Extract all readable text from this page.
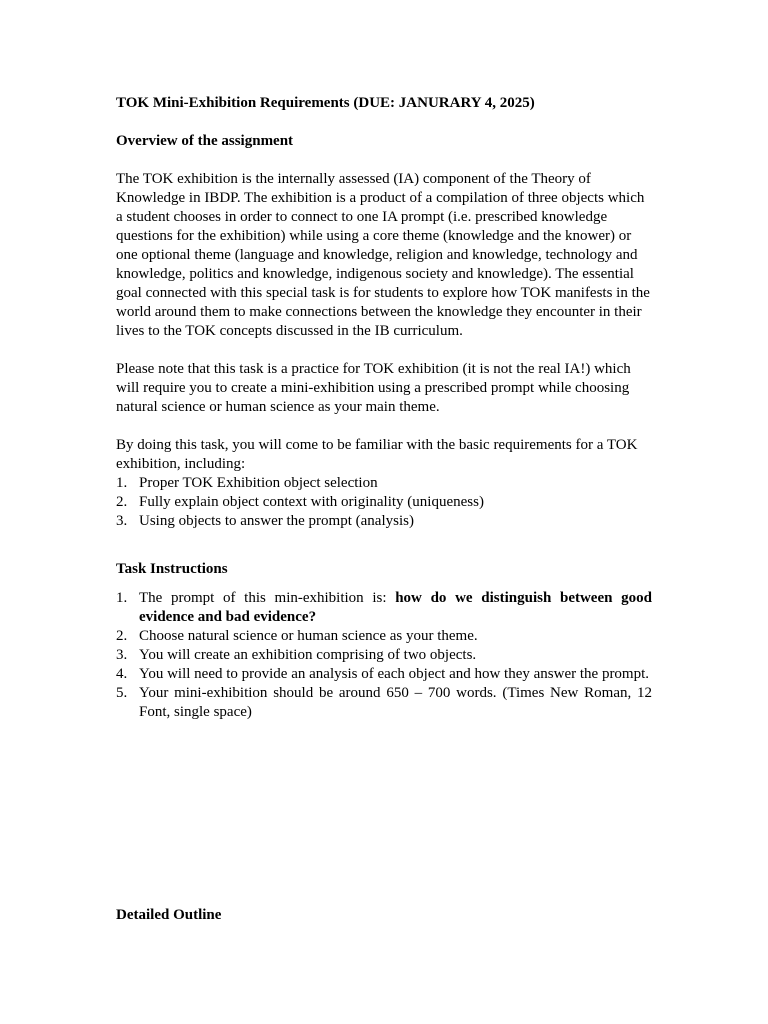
TOK Mini-Exhibition Requirements (DUE: JANURARY 4, 2025)

Overview of the assignment

The TOK exhibition is the internally assessed (IA) component of the Theory of Knowledge in IBDP. The exhibition is a product of a compilation of three objects which a student chooses in order to connect to one IA prompt (i.e. prescribed knowledge questions for the exhibition) while using a core theme (knowledge and the knower) or one optional theme (language and knowledge, religion and knowledge, technology and knowledge, politics and knowledge, indigenous society and knowledge). The essential goal connected with this special task is for students to explore how TOK manifests in the world around them to make connections between the knowledge they encounter in their lives to the TOK concepts discussed in the IB curriculum.

Please note that this task is a practice for TOK exhibition (it is not the real IA!) which will require you to create a mini-exhibition using a prescribed prompt while choosing natural science or human science as your main theme.

By doing this task, you will come to be familiar with the basic requirements for a TOK exhibition, including:

1. Proper TOK Exhibition object selection
2. Fully explain object context with originality (uniqueness)
3. Using objects to answer the prompt (analysis)

Task Instructions

1. The prompt of this min-exhibition is: how do we distinguish between good evidence and bad evidence?
2. Choose natural science or human science as your theme.
3. You will create an exhibition comprising of two objects.
4. You will need to provide an analysis of each object and how they answer the prompt.
5. Your mini-exhibition should be around 650 – 700 words. (Times New Roman, 12 Font, single space)

Detailed Outline
